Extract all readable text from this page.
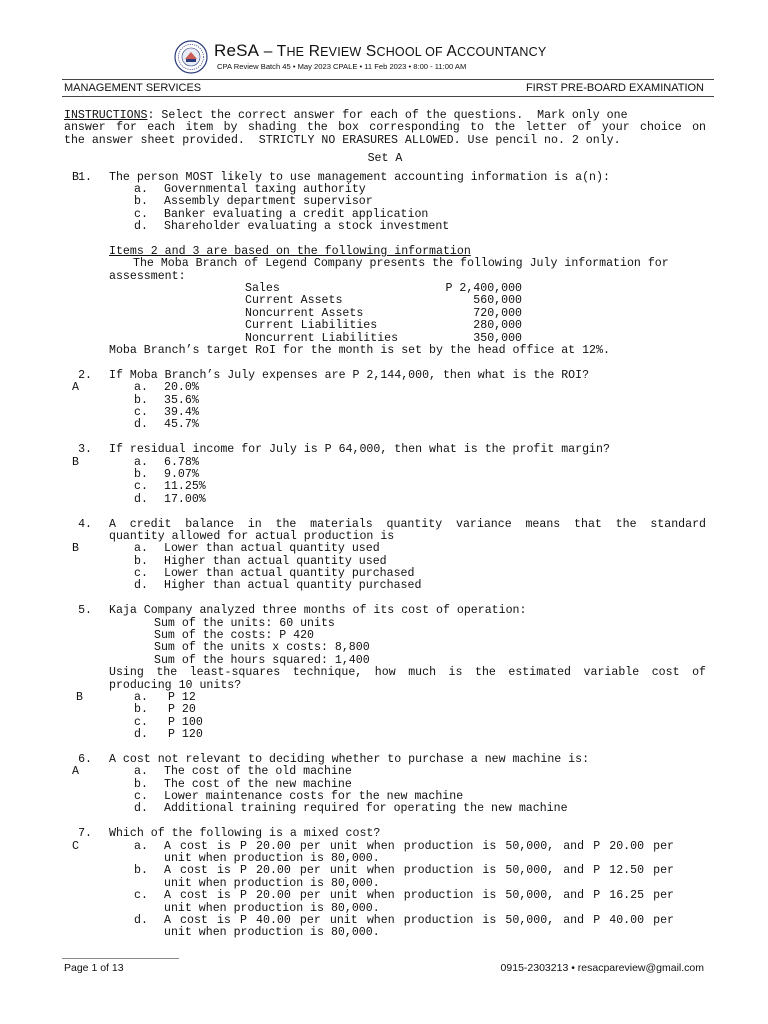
ReSA – THE REVIEW SCHOOL OF ACCOUNTANCY
CPA Review Batch 45 • May 2023 CPALE • 11 Feb 2023 • 8:00 - 11:00 AM
MANAGEMENT SERVICES	FIRST PRE-BOARD EXAMINATION
INSTRUCTIONS: Select the correct answer for each of the questions.  Mark only one
answer for each item by shading the box corresponding to the letter of your choice on
the answer sheet provided.  STRICTLY NO ERASURES ALLOWED. Use pencil no. 2 only.
Set A
B 1. The person MOST likely to use management accounting information is a(n):
a. Governmental taxing authority
b. Assembly department supervisor
c. Banker evaluating a credit application
d. Shareholder evaluating a stock investment
Items 2 and 3 are based on the following information
The Moba Branch of Legend Company presents the following July information for
assessment:
Sales	P 2,400,000
Current Assets	560,000
Noncurrent Assets	720,000
Current Liabilities	280,000
Noncurrent Liabilities	350,000
Moba Branch’s target RoI for the month is set by the head office at 12%.
2. If Moba Branch’s July expenses are P 2,144,000, then what is the ROI?
A	a. 20.0%
b. 35.6%
c. 39.4%
d. 45.7%
3. If residual income for July is P 64,000, then what is the profit margin?
B	a. 6.78%
b. 9.07%
c. 11.25%
d. 17.00%
4. A credit balance in the materials quantity variance means that the standard
quantity allowed for actual production is
B	a. Lower than actual quantity used
b. Higher than actual quantity used
c. Lower than actual quantity purchased
d. Higher than actual quantity purchased
5. Kaja Company analyzed three months of its cost of operation:
Sum of the units: 60 units
Sum of the costs: P 420
Sum of the units x costs: 8,800
Sum of the hours squared: 1,400
Using the least-squares technique, how much is the estimated variable cost of
producing 10 units?
B	a. P 12
b. P 20
c. P 100
d. P 120
6. A cost not relevant to deciding whether to purchase a new machine is:
A	a. The cost of the old machine
b. The cost of the new machine
c. Lower maintenance costs for the new machine
d. Additional training required for operating the new machine
7. Which of the following is a mixed cost?
C	a. A cost is P 20.00 per unit when production is 50,000, and P 20.00 per
unit when production is 80,000.
b. A cost is P 20.00 per unit when production is 50,000, and P 12.50 per
unit when production is 80,000.
c. A cost is P 20.00 per unit when production is 50,000, and P 16.25 per
unit when production is 80,000.
d. A cost is P 40.00 per unit when production is 50,000, and P 40.00 per
unit when production is 80,000.
Page 1 of 13	0915-2303213 • resacpareview@gmail.com
